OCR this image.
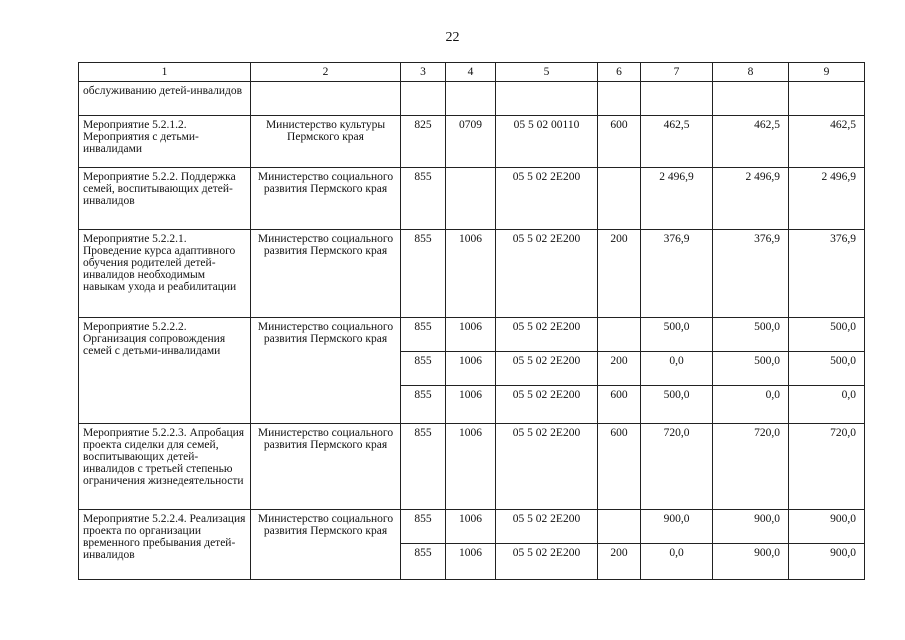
22
1	2	3	4	5	6	7	8	9
обслуживанию детей-инвалидов								
Мероприятие 5.2.1.2. Мероприятия с детьми-инвалидами	Министерство культуры Пермского края	825	0709	05 5 02 00110	600	462,5	462,5	462,5
Мероприятие 5.2.2. Поддержка семей, воспитывающих детей-инвалидов	Министерство социального развития Пермского края	855		05 5 02 2Е200		2 496,9	2 496,9	2 496,9
Мероприятие 5.2.2.1. Проведение курса адаптивного обучения родителей детей-инвалидов необходимым навыкам ухода и реабилитации	Министерство социального развития Пермского края	855	1006	05 5 02 2Е200	200	376,9	376,9	376,9
Мероприятие 5.2.2.2. Организация сопровождения семей с детьми-инвалидами	Министерство социального развития Пермского края	855	1006	05 5 02 2Е200		500,0	500,0	500,0
		855	1006	05 5 02 2Е200	200	0,0	500,0	500,0
		855	1006	05 5 02 2Е200	600	500,0	0,0	0,0
Мероприятие 5.2.2.3. Апробация проекта сиделки для семей, воспитывающих детей-инвалидов с третьей степенью ограничения жизнедеятельности	Министерство социального развития Пермского края	855	1006	05 5 02 2Е200	600	720,0	720,0	720,0
Мероприятие 5.2.2.4. Реализация проекта по организации временного пребывания детей-инвалидов	Министерство социального развития Пермского края	855	1006	05 5 02 2Е200		900,0	900,0	900,0
		855	1006	05 5 02 2Е200	200	0,0	900,0	900,0
